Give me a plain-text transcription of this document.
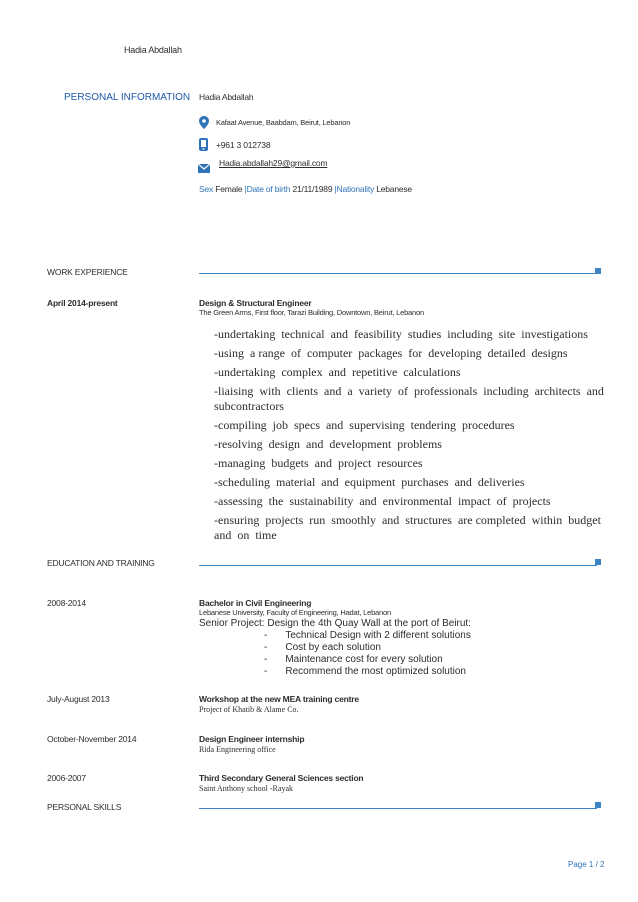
Hadia Abdallah
PERSONAL INFORMATION Hadia Abdallah
Kafaat Avenue, Baabdam, Beirut, Lebanon
+961 3 012738
Hadia.abdallah29@gmail.com
Sex Female |Date of birth 21/11/1989 |Nationality Lebanese
WORK EXPERIENCE
April 2014-present	Design & Structural Engineer
The Green Arms, First floor, Tarazi Building, Downtown, Beirut, Lebanon
-undertaking  technical  and  feasibility  studies  including  site  investigations
-using  a range  of  computer  packages  for  developing  detailed  designs
-undertaking  complex  and  repetitive  calculations
-liaising  with  clients  and  a  variety  of  professionals  including  architects  and
subcontractors
-compiling  job  specs  and  supervising  tendering  procedures
-resolving  design  and  development  problems
-managing  budgets  and  project  resources
-scheduling  material  and  equipment  purchases  and  deliveries
-assessing  the  sustainability  and  environmental  impact  of  projects
-ensuring  projects  run  smoothly  and  structures  are completed  within  budget
and  on  time
EDUCATION AND TRAINING
2008-2014	Bachelor in Civil Engineering
Lebanese University, Faculty of Engineering, Hadat, Lebanon
Senior Project: Design the 4th Quay Wall at the port of Beirut:
- Technical Design with 2 different solutions
- Cost by each solution
- Maintenance cost for every solution
- Recommend the most optimized solution
July-August 2013	Workshop at the new MEA training centre
Project of Khatib & Alame Co.
October-November 2014	Design Engineer internship
Rida Engineering office
2006-2007	Third Secondary General Sciences section
Saint Anthony school -Rayak
PERSONAL SKILLS
Page 1 / 2
